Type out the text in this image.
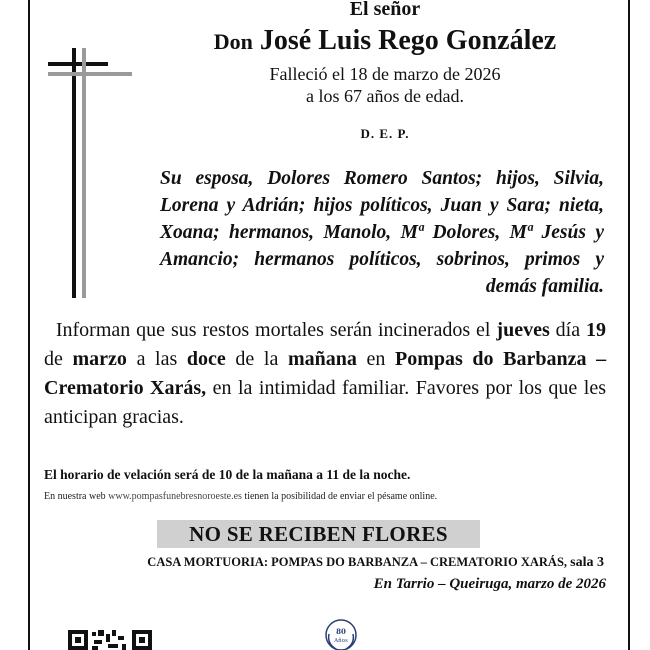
El señor
Don José Luis Rego González
Falleció el 18 de marzo de 2026
a los 67 años de edad.
D. E. P.
Su esposa, Dolores Romero Santos; hijos, Silvia, Lorena y Adrián; hijos políticos, Juan y Sara; nieta, Xoana; hermanos, Manolo, Mª Dolores, Mª Jesús y Amancio; hermanos políticos, sobrinos, primos y demás familia.
Informan que sus restos mortales serán incinerados el jueves día 19 de marzo a las doce de la mañana en Pompas do Barbanza – Crematorio Xarás, en la intimidad familiar. Favores por los que les anticipan gracias.
El horario de velación será de 10 de la mañana a 11 de la noche.
En nuestra web www.pompasfunebresnoroeste.es tienen la posibilidad de enviar el pésame online.
NO SE RECIBEN FLORES
CASA MORTUORIA: POMPAS DO BARBANZA – CREMATORIO XARÁS, sala 3
En Tarrio – Queiruga, marzo de 2026
80
Años
